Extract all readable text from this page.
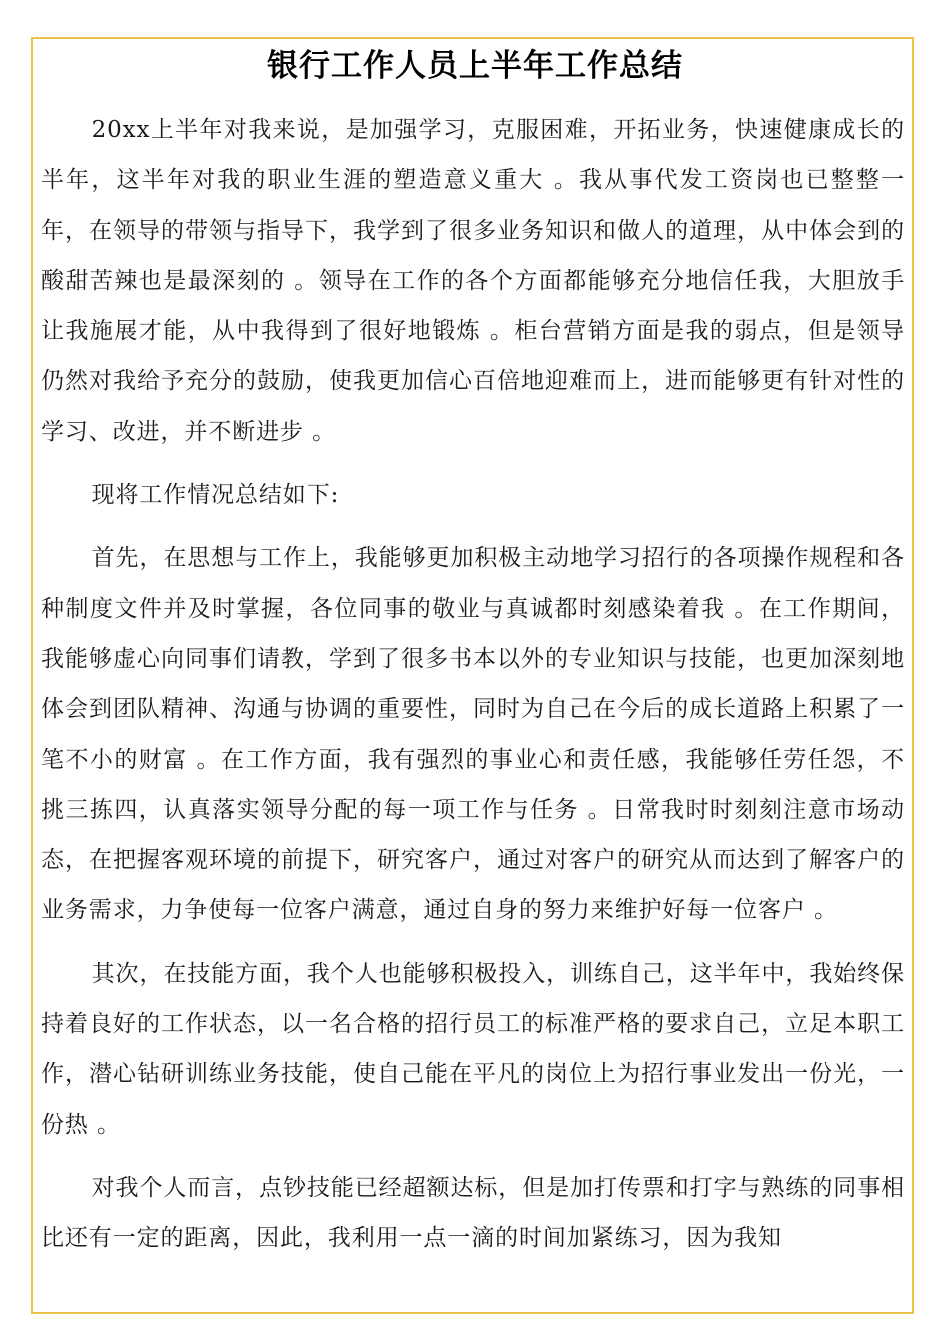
银行工作人员上半年工作总结

20xx上半年对我来说，是加强学习，克服困难，开拓业务，快速健康成长的半年，这半年对我的职业生涯的塑造意义重大 。我从事代发工资岗也已整整一年，在领导的带领与指导下，我学到了很多业务知识和做人的道理，从中体会到的酸甜苦辣也是最深刻的 。领导在工作的各个方面都能够充分地信任我，大胆放手让我施展才能，从中我得到了很好地锻炼 。柜台营销方面是我的弱点，但是领导仍然对我给予充分的鼓励，使我更加信心百倍地迎难而上，进而能够更有针对性的学习、改进，并不断进步 。

现将工作情况总结如下:

首先，在思想与工作上，我能够更加积极主动地学习招行的各项操作规程和各种制度文件并及时掌握，各位同事的敬业与真诚都时刻感染着我 。在工作期间，我能够虚心向同事们请教，学到了很多书本以外的专业知识与技能，也更加深刻地体会到团队精神、沟通与协调的重要性，同时为自己在今后的成长道路上积累了一笔不小的财富 。在工作方面，我有强烈的事业心和责任感，我能够任劳任怨，不挑三拣四，认真落实领导分配的每一项工作与任务 。日常我时时刻刻注意市场动态，在把握客观环境的前提下，研究客户，通过对客户的研究从而达到了解客户的业务需求，力争使每一位客户满意，通过自身的努力来维护好每一位客户 。

其次，在技能方面，我个人也能够积极投入，训练自己，这半年中，我始终保持着良好的工作状态，以一名合格的招行员工的标准严格的要求自己，立足本职工作，潜心钻研训练业务技能，使自己能在平凡的岗位上为招行事业发出一份光，一份热 。

对我个人而言，点钞技能已经超额达标，但是加打传票和打字与熟练的同事相比还有一定的距离，因此，我利用一点一滴的时间加紧练习，因为我知
